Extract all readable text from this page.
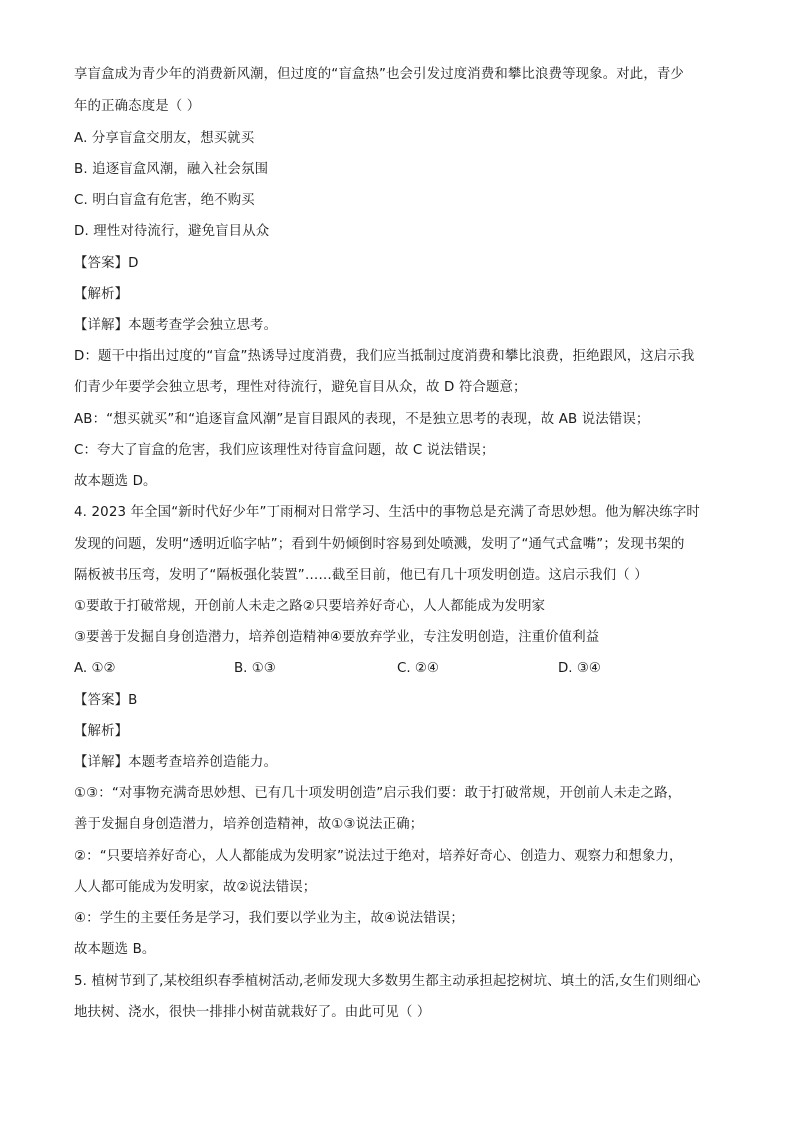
享盲盒成为青少年的消费新风潮，但过度的“盲盒热”也会引发过度消费和攀比浪费等现象。对此，青少
年的正确态度是（ ）
A. 分享盲盒交朋友，想买就买
B. 追逐盲盒风潮，融入社会氛围
C. 明白盲盒有危害，绝不购买
D. 理性对待流行，避免盲目从众
【答案】D
【解析】
【详解】本题考查学会独立思考。
D：题干中指出过度的“盲盒”热诱导过度消费，我们应当抵制过度消费和攀比浪费，拒绝跟风，这启示我
们青少年要学会独立思考，理性对待流行，避免盲目从众，故 D 符合题意；
AB：“想买就买”和“追逐盲盒风潮”是盲目跟风的表现，不是独立思考的表现，故 AB 说法错误；
C：夸大了盲盒的危害，我们应该理性对待盲盒问题，故 C 说法错误；
故本题选 D。
4. 2023 年全国“新时代好少年”丁雨桐对日常学习、生活中的事物总是充满了奇思妙想。他为解决练字时
发现的问题，发明“透明近临字帖”；看到牛奶倾倒时容易到处喷溅，发明了“通气式盒嘴”；发现书架的
隔板被书压弯，发明了“隔板强化装置”……截至目前，他已有几十项发明创造。这启示我们（ ）
①要敢于打破常规，开创前人未走之路②只要培养好奇心，人人都能成为发明家
③要善于发掘自身创造潜力，培养创造精神④要放弃学业，专注发明创造，注重价值利益
A. ①②	B. ①③	C. ②④	D. ③④
【答案】B
【解析】
【详解】本题考查培养创造能力。
①③：“对事物充满奇思妙想、已有几十项发明创造”启示我们要：敢于打破常规，开创前人未走之路，
善于发掘自身创造潜力，培养创造精神，故①③说法正确；
②：“只要培养好奇心，人人都能成为发明家”说法过于绝对，培养好奇心、创造力、观察力和想象力，
人人都可能成为发明家，故②说法错误；
④：学生的主要任务是学习，我们要以学业为主，故④说法错误；
故本题选 B。
5. 植树节到了,某校组织春季植树活动,老师发现大多数男生都主动承担起挖树坑、填土的活,女生们则细心
地扶树、浇水，很快一排排小树苗就栽好了。由此可见（ ）
